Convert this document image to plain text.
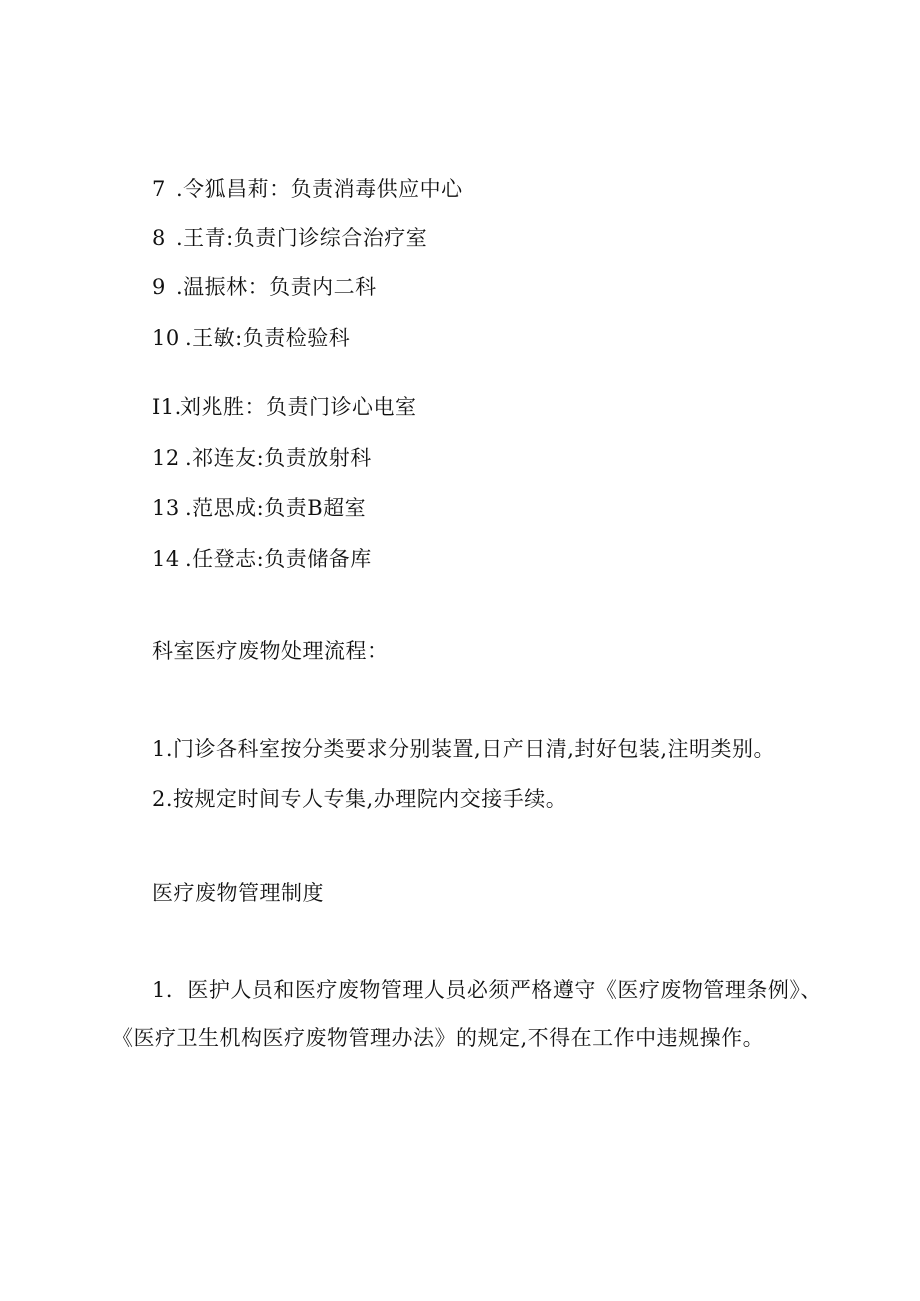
7 .令狐昌莉：负责消毒供应中心
8 .王青:负责门诊综合治疗室
9 .温振林：负责内二科
10 .王敏:负责检验科
I1.刘兆胜：负责门诊心电室
12 .祁连友:负责放射科
13 .范思成:负责B超室
14 .任登志:负责储备库
科室医疗废物处理流程：
1.门诊各科室按分类要求分别装置,日产日清,封好包装,注明类别。
2.按规定时间专人专集,办理院内交接手续。
医疗废物管理制度
1．医护人员和医疗废物管理人员必须严格遵守《医疗废物管理条例》、
《医疗卫生机构医疗废物管理办法》的规定,不得在工作中违规操作。
